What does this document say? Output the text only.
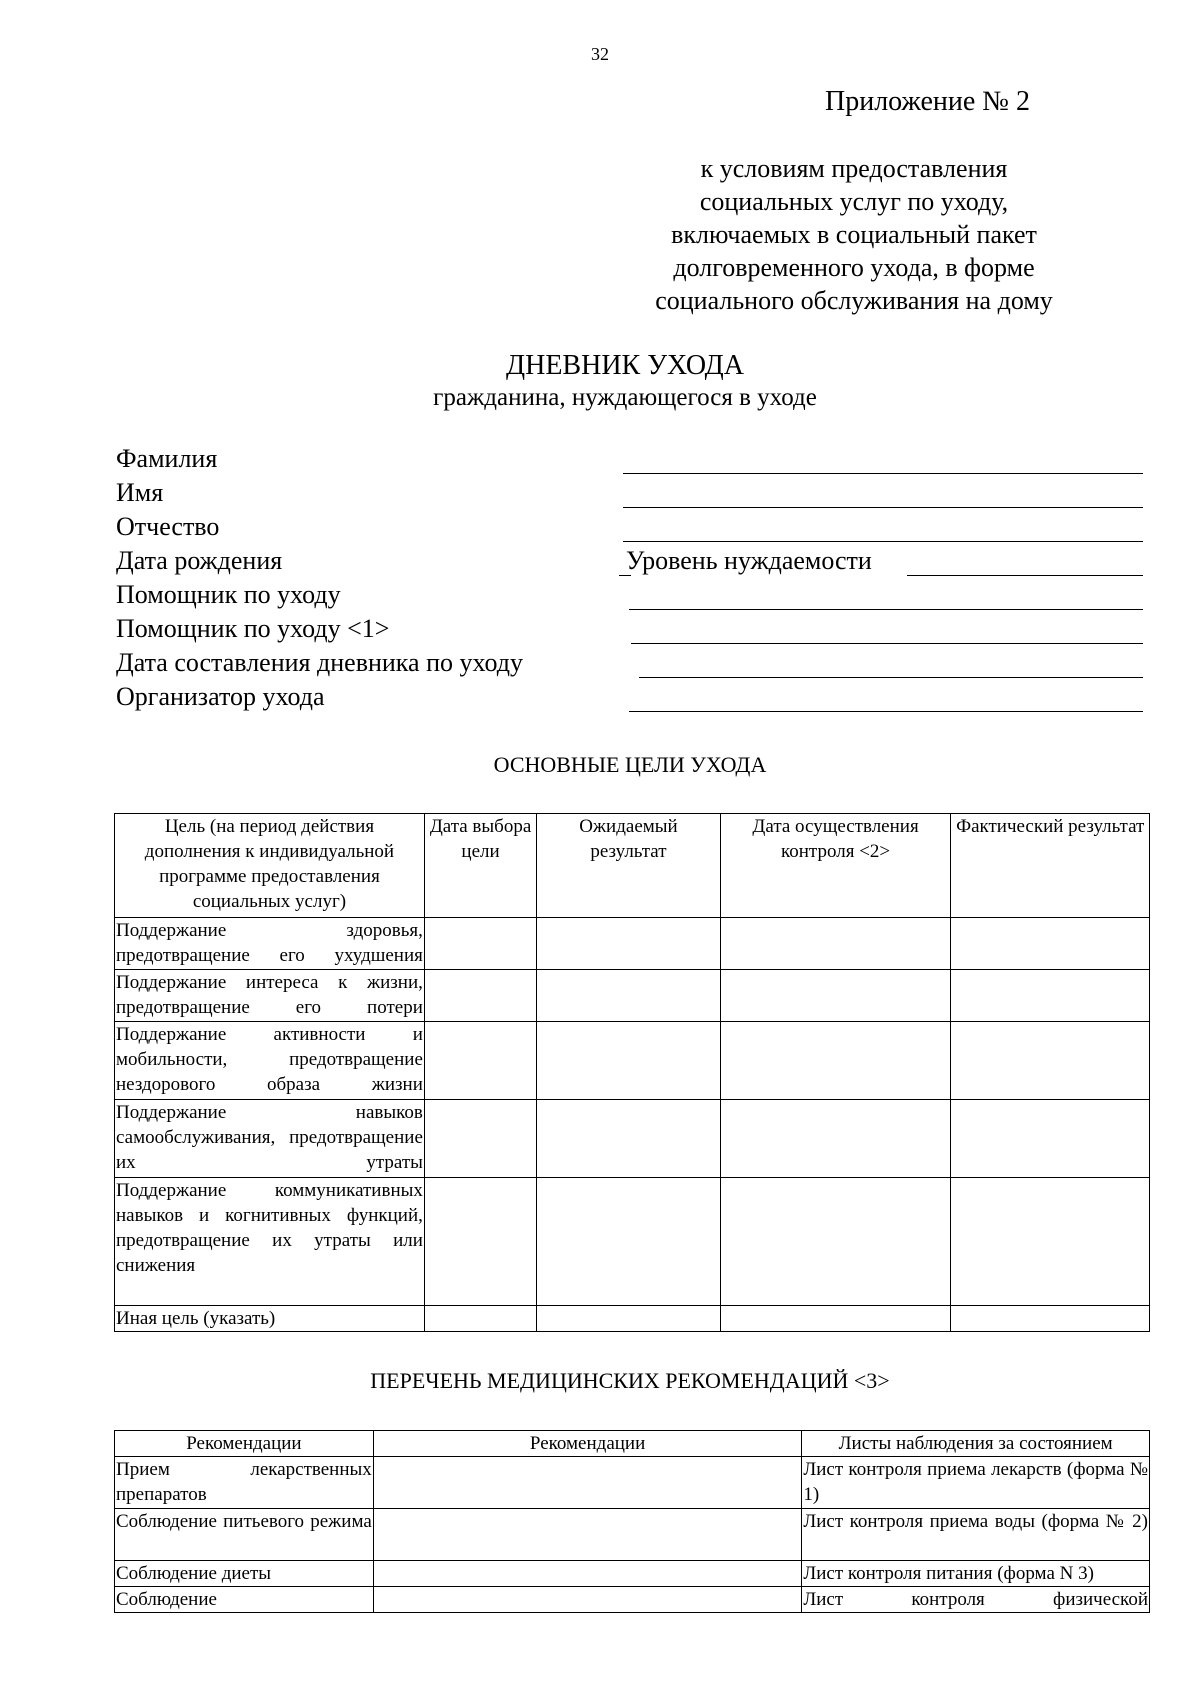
32
Приложение № 2
к условиям предоставления
социальных услуг по уходу,
включаемых в социальный пакет
долговременного ухода, в форме
социального обслуживания на дому
ДНЕВНИК УХОДА
гражданина, нуждающегося в уходе
Фамилия
Имя
Отчество
Дата рождения	Уровень нуждаемости
Помощник по уходу
Помощник по уходу <1>
Дата составления дневника по уходу
Организатор ухода
ОСНОВНЫЕ ЦЕЛИ УХОДА
Цель (на период действия дополнения к индивидуальной программе предоставления социальных услуг)	Дата выбора цели	Ожидаемый результат	Дата осуществления контроля <2>	Фактический результат
Поддержание здоровья, предотвращение его ухудшения				
Поддержание интереса к жизни, предотвращение его потери				
Поддержание активности и мобильности, предотвращение нездорового образа жизни				
Поддержание навыков самообслуживания, предотвращение их утраты				
Поддержание коммуникативных навыков и когнитивных функций, предотвращение их утраты или снижения				
Иная цель (указать)				
ПЕРЕЧЕНЬ МЕДИЦИНСКИХ РЕКОМЕНДАЦИЙ <3>
Рекомендации	Рекомендации	Листы наблюдения за состоянием
Прием лекарственных препаратов		Лист контроля приема лекарств (форма № 1)
Соблюдение питьевого режима		Лист контроля приема воды (форма № 2)
Соблюдение диеты		Лист контроля питания (форма N 3)
Соблюдение		Лист контроля физической
